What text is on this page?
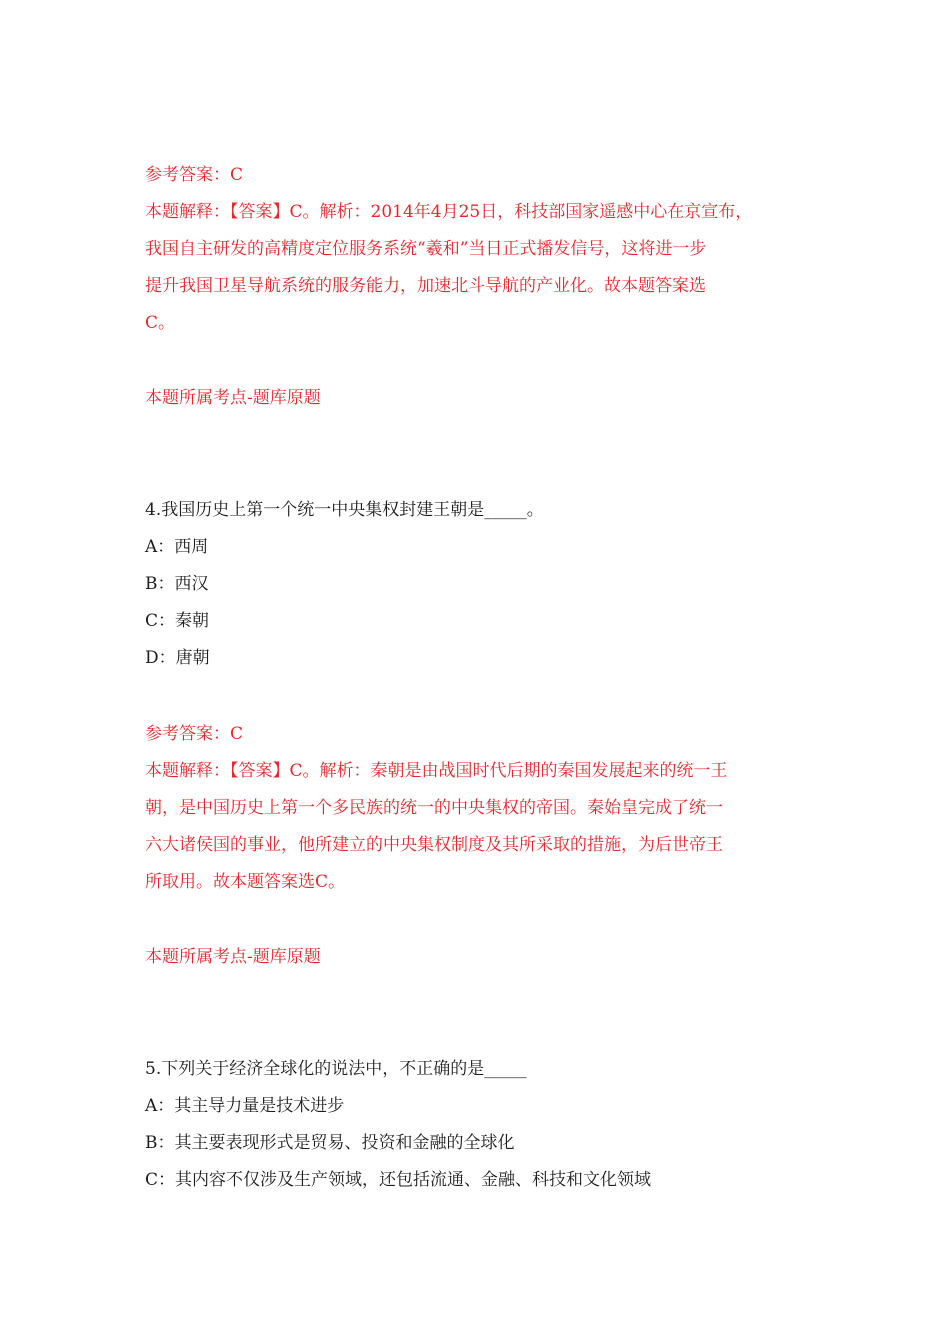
参考答案：C
本题解释：【答案】C。解析：2014年4月25日，科技部国家遥感中心在京宣布，
我国自主研发的高精度定位服务系统“羲和”当日正式播发信号，这将进一步
提升我国卫星导航系统的服务能力，加速北斗导航的产业化。故本题答案选
C。
本题所属考点-题库原题
4.我国历史上第一个统一中央集权封建王朝是_____。
A：西周
B：西汉
C：秦朝
D：唐朝
参考答案：C
本题解释：【答案】C。解析：秦朝是由战国时代后期的秦国发展起来的统一王
朝，是中国历史上第一个多民族的统一的中央集权的帝国。秦始皇完成了统一
六大诸侯国的事业，他所建立的中央集权制度及其所采取的措施，为后世帝王
所取用。故本题答案选C。
本题所属考点-题库原题
5.下列关于经济全球化的说法中，不正确的是_____
A：其主导力量是技术进步
B：其主要表现形式是贸易、投资和金融的全球化
C：其内容不仅涉及生产领域，还包括流通、金融、科技和文化领域
